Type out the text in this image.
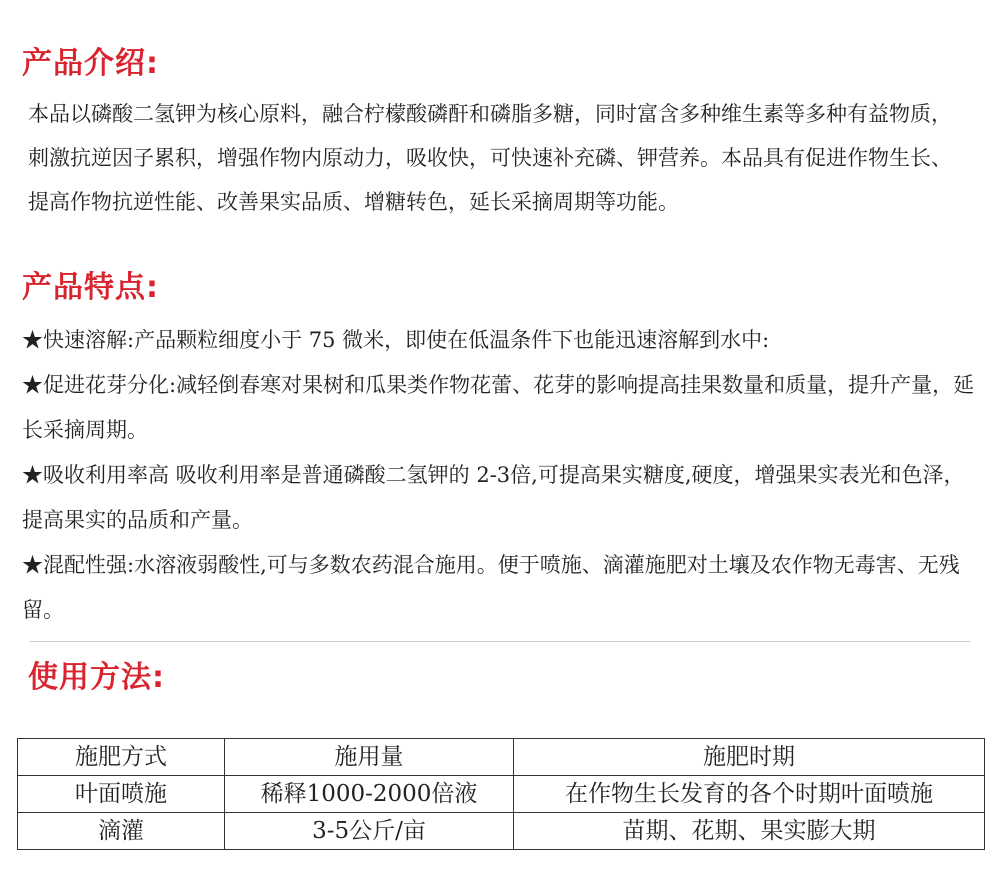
产品介绍:

本品以磷酸二氢钾为核心原料，融合柠檬酸磷酐和磷脂多糖，同时富含多种维生素等多种有益物质，刺激抗逆因子累积，增强作物内原动力，吸收快，可快速补充磷、钾营养。本品具有促进作物生长、提高作物抗逆性能、改善果实品质、增糖转色，延长采摘周期等功能。

产品特点:
★快速溶解:产品颗粒细度小于 75 微米，即使在低温条件下也能迅速溶解到水中:
★促进花芽分化:减轻倒春寒对果树和瓜果类作物花蕾、花芽的影响提高挂果数量和质量，提升产量，延长采摘周期。
★吸收利用率高 吸收利用率是普通磷酸二氢钾的 2-3倍,可提高果实糖度,硬度，增强果实表光和色泽，提高果实的品质和产量。
★混配性强:水溶液弱酸性,可与多数农药混合施用。便于喷施、滴灌施肥对土壤及农作物无毒害、无残留。
使用方法:
施肥方式	施用量	施肥时期
叶面喷施	稀释1000-2000倍液	在作物生长发育的各个时期叶面喷施
滴灌	3-5公斤/亩	苗期、花期、果实膨大期
